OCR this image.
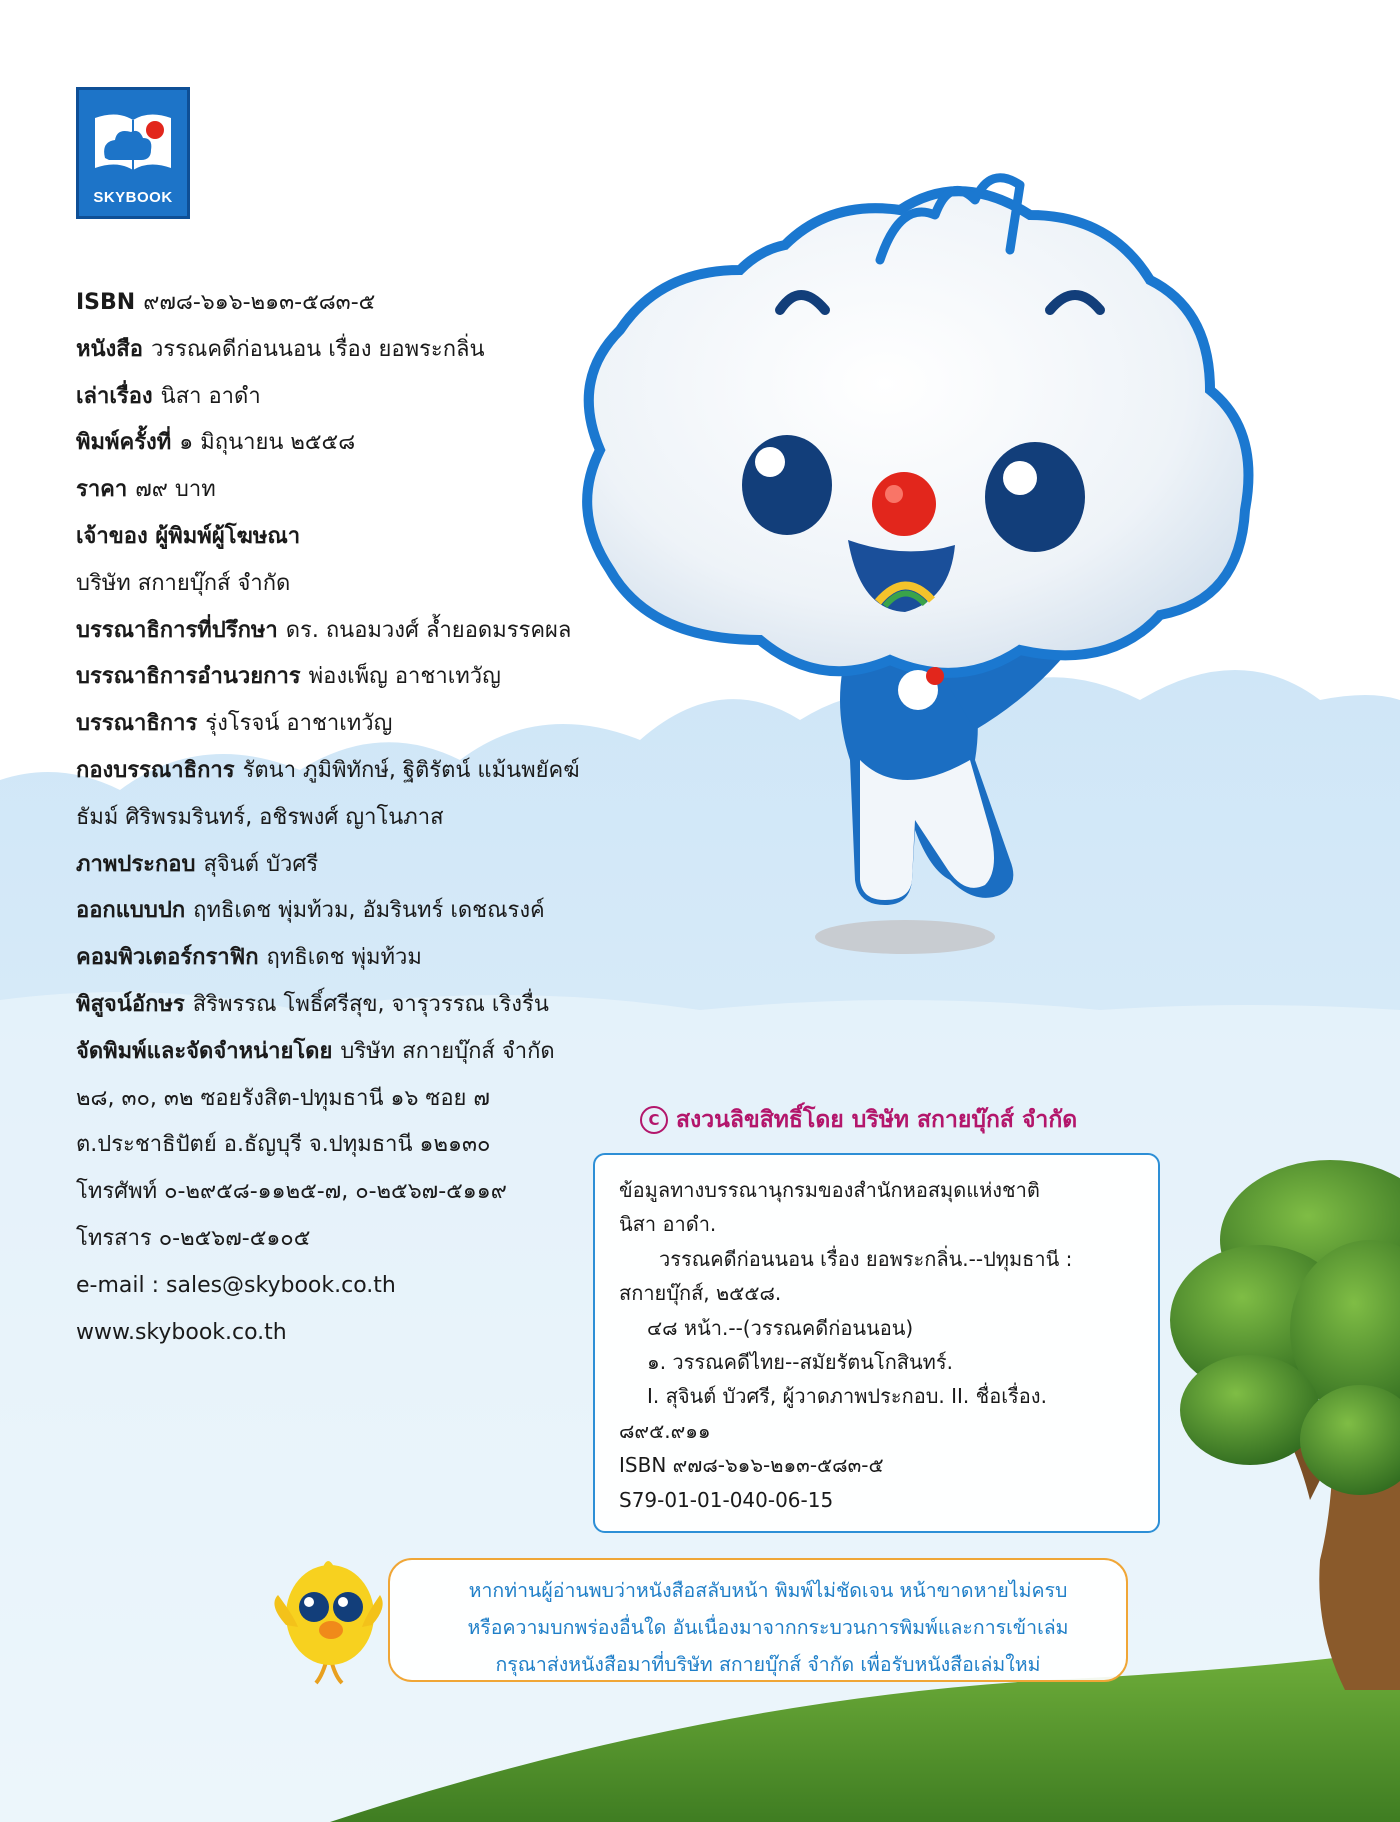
SKYBOOK
ISBN ๙๗๘-๖๑๖-๒๑๓-๕๘๓-๕
หนังสือ วรรณคดีก่อนนอน เรื่อง ยอพระกลิ่น
เล่าเรื่อง นิสา อาดำ
พิมพ์ครั้งที่ ๑ มิถุนายน ๒๕๕๘
ราคา ๗๙ บาท
เจ้าของ ผู้พิมพ์ผู้โฆษณา
บริษัท สกายบุ๊กส์ จำกัด
บรรณาธิการที่ปรึกษา ดร. ถนอมวงศ์ ล้ำยอดมรรคผล
บรรณาธิการอำนวยการ พ่องเพ็ญ อาชาเทวัญ
บรรณาธิการ รุ่งโรจน์ อาชาเทวัญ
กองบรรณาธิการ รัตนา ภูมิพิทักษ์, ฐิติรัตน์ แม้นพยัคฆ์
ธัมม์ ศิริพรมรินทร์, อชิรพงศ์ ญาโนภาส
ภาพประกอบ สุจินต์ บัวศรี
ออกแบบปก ฤทธิเดช พุ่มท้วม, อัมรินทร์ เดชณรงค์
คอมพิวเตอร์กราฟิก ฤทธิเดช พุ่มท้วม
พิสูจน์อักษร สิริพรรณ โพธิ์ศรีสุข, จารุวรรณ เริงรื่น
จัดพิมพ์และจัดจำหน่ายโดย บริษัท สกายบุ๊กส์ จำกัด
๒๘, ๓๐, ๓๒ ซอยรังสิต-ปทุมธานี ๑๖ ซอย ๗
ต.ประชาธิปัตย์ อ.ธัญบุรี จ.ปทุมธานี ๑๒๑๓๐
โทรศัพท์ ๐-๒๙๕๘-๑๑๒๕-๗, ๐-๒๕๖๗-๕๑๑๙
โทรสาร ๐-๒๕๖๗-๕๑๐๕
e-mail : sales@skybook.co.th
www.skybook.co.th
C สงวนลิขสิทธิ์โดย บริษัท สกายบุ๊กส์ จำกัด
ข้อมูลทางบรรณานุกรมของสำนักหอสมุดแห่งชาติ
นิสา อาดำ.
วรรณคดีก่อนนอน เรื่อง ยอพระกลิ่น.--ปทุมธานี :
สกายบุ๊กส์, ๒๕๕๘.
๔๘ หน้า.--(วรรณคดีก่อนนอน)
๑. วรรณคดีไทย--สมัยรัตนโกสินทร์.
I. สุจินต์ บัวศรี, ผู้วาดภาพประกอบ. II. ชื่อเรื่อง.
๘๙๕.๙๑๑
ISBN ๙๗๘-๖๑๖-๒๑๓-๕๘๓-๕
S79-01-01-040-06-15
หากท่านผู้อ่านพบว่าหนังสือสลับหน้า พิมพ์ไม่ชัดเจน หน้าขาดหายไม่ครบ
หรือความบกพร่องอื่นใด อันเนื่องมาจากกระบวนการพิมพ์และการเข้าเล่ม
กรุณาส่งหนังสือมาที่บริษัท สกายบุ๊กส์ จำกัด เพื่อรับหนังสือเล่มใหม่
